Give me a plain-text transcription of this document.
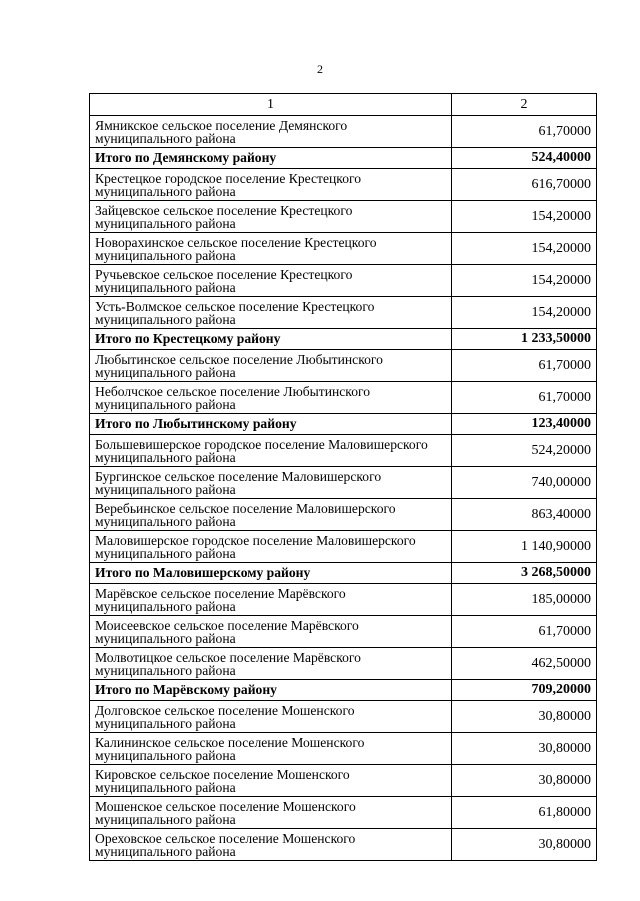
2
1	2
Ямникское сельское поселение Демянского муниципального района	61,70000
Итого по Демянскому району	524,40000
Крестецкое городское поселение Крестецкого муниципального района	616,70000
Зайцевское сельское поселение Крестецкого муниципального района	154,20000
Новорахинское сельское поселение Крестецкого муниципального района	154,20000
Ручьевское сельское поселение Крестецкого муниципального района	154,20000
Усть-Волмское сельское поселение Крестецкого муниципального района	154,20000
Итого по Крестецкому району	1 233,50000
Любытинское сельское поселение Любытинского муниципального района	61,70000
Неболчское сельское поселение Любытинского муниципального района	61,70000
Итого по Любытинскому району	123,40000
Большевишерское городское поселение Маловишерского муниципального района	524,20000
Бургинское сельское поселение Маловишерского муниципального района	740,00000
Веребьинское сельское поселение Маловишерского муниципального района	863,40000
Маловишерское городское поселение Маловишерского муниципального района	1 140,90000
Итого по Маловишерскому району	3 268,50000
Марёвское сельское поселение Марёвского муниципального района	185,00000
Моисеевское сельское поселение Марёвского муниципального района	61,70000
Молвотицкое сельское поселение Марёвского муниципального района	462,50000
Итого по Марёвскому району	709,20000
Долговское сельское поселение Мошенского муниципального района	30,80000
Калининское сельское поселение Мошенского муниципального района	30,80000
Кировское сельское поселение Мошенского муниципального района	30,80000
Мошенское сельское поселение Мошенского муниципального района	61,80000
Ореховское сельское поселение Мошенского муниципального района	30,80000
